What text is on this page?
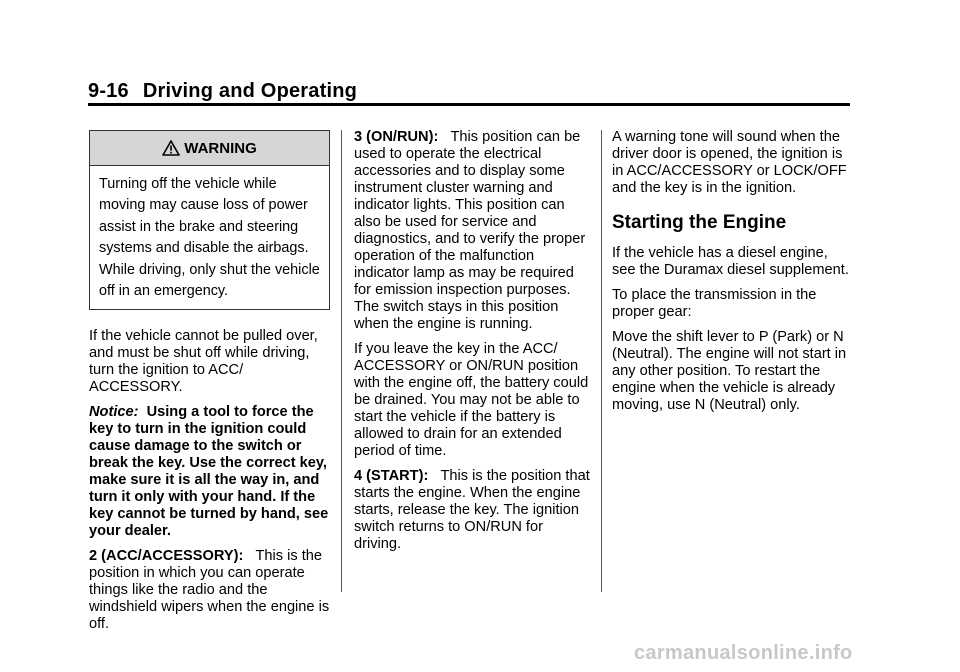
9-16 Driving and Operating
WARNING
Turning off the vehicle while moving may cause loss of power assist in the brake and steering systems and disable the airbags. While driving, only shut the vehicle off in an emergency.

If the vehicle cannot be pulled over, and must be shut off while driving, turn the ignition to ACC/ ACCESSORY.

Notice: Using a tool to force the key to turn in the ignition could cause damage to the switch or break the key. Use the correct key, make sure it is all the way in, and turn it only with your hand. If the key cannot be turned by hand, see your dealer.

2 (ACC/ACCESSORY): This is the position in which you can operate things like the radio and the windshield wipers when the engine is off.

3 (ON/RUN): This position can be used to operate the electrical accessories and to display some instrument cluster warning and indicator lights. This position can also be used for service and diagnostics, and to verify the proper operation of the malfunction indicator lamp as may be required for emission inspection purposes. The switch stays in this position when the engine is running.

If you leave the key in the ACC/ ACCESSORY or ON/RUN position with the engine off, the battery could be drained. You may not be able to start the vehicle if the battery is allowed to drain for an extended period of time.

4 (START): This is the position that starts the engine. When the engine starts, release the key. The ignition switch returns to ON/RUN for driving.

A warning tone will sound when the driver door is opened, the ignition is in ACC/ACCESSORY or LOCK/OFF and the key is in the ignition.

Starting the Engine

If the vehicle has a diesel engine, see the Duramax diesel supplement.

To place the transmission in the proper gear:

Move the shift lever to P (Park) or N (Neutral). The engine will not start in any other position. To restart the engine when the vehicle is already moving, use N (Neutral) only.

carmanualsonline.info
